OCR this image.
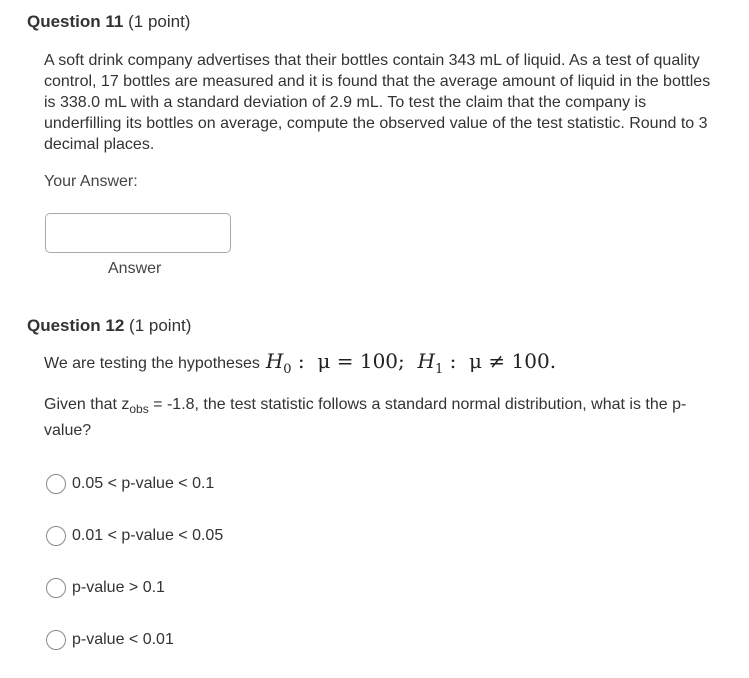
Question 11 (1 point)
A soft drink company advertises that their bottles contain 343 mL of liquid. As a test of quality control, 17 bottles are measured and it is found that the average amount of liquid in the bottles is 338.0 mL with a standard deviation of 2.9 mL. To test the claim that the company is underfilling its bottles on average, compute the observed value of the test statistic. Round to 3 decimal places.
Your Answer:
Answer
Question 12 (1 point)
We are testing the hypotheses $H_0$ :  μ = 100;  $H_1$ :  μ ≠ 100.
Given that $z_{obs} = -1.8$, the test statistic follows a standard normal distribution, what is the p-value?
0.05 < p-value < 0.1
0.01 < p-value < 0.05
p-value > 0.1
p-value < 0.01
